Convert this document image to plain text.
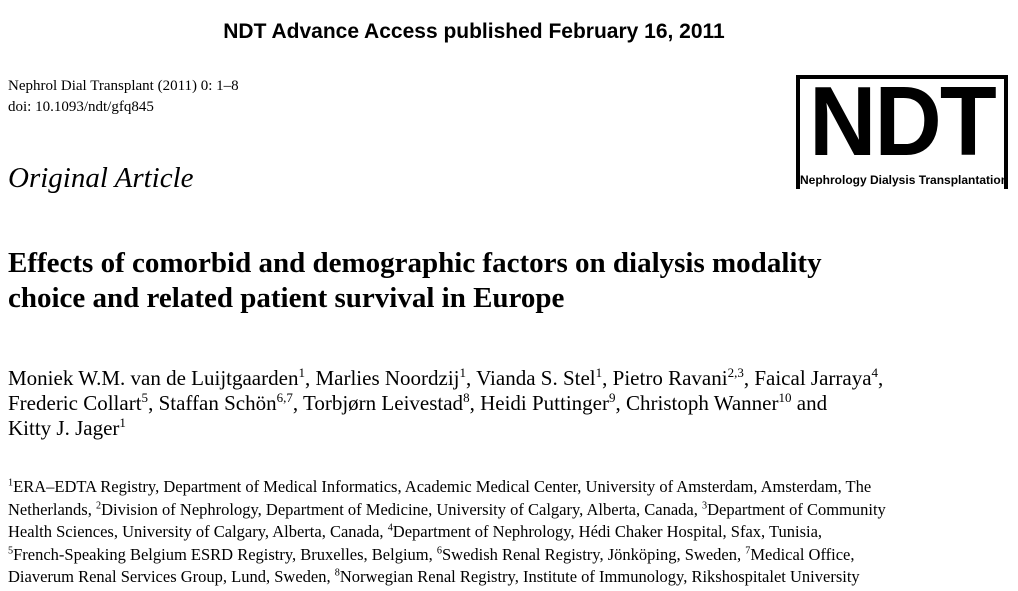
NDT Advance Access published February 16, 2011
Nephrol Dial Transplant (2011) 0: 1–8
doi: 10.1093/ndt/gfq845	NDT
Nephrology Dialysis Transplantation
Original Article
Effects of comorbid and demographic factors on dialysis modality
choice and related patient survival in Europe
Moniek W.M. van de Luijtgaarden$^1$, Marlies Noordzij$^1$, Vianda S. Stel$^1$, Pietro Ravani$^{2,3}$, Faical Jarraya$^4$,
Frederic Collart$^5$, Staffan Schön$^{6,7}$, Torbjørn Leivestad$^8$, Heidi Puttinger$^9$, Christoph Wanner$^{10}$ and
Kitty J. Jager$^1$
$^1$ERA–EDTA Registry, Department of Medical Informatics, Academic Medical Center, University of Amsterdam, Amsterdam, The
Netherlands, $^2$Division of Nephrology, Department of Medicine, University of Calgary, Alberta, Canada, $^3$Department of Community
Health Sciences, University of Calgary, Alberta, Canada, $^4$Department of Nephrology, Hédi Chaker Hospital, Sfax, Tunisia,
$^5$French-Speaking Belgium ESRD Registry, Bruxelles, Belgium, $^6$Swedish Renal Registry, Jönköping, Sweden, $^7$Medical Office,
Diaverum Renal Services Group, Lund, Sweden, $^8$Norwegian Renal Registry, Institute of Immunology, Rikshospitalet University
